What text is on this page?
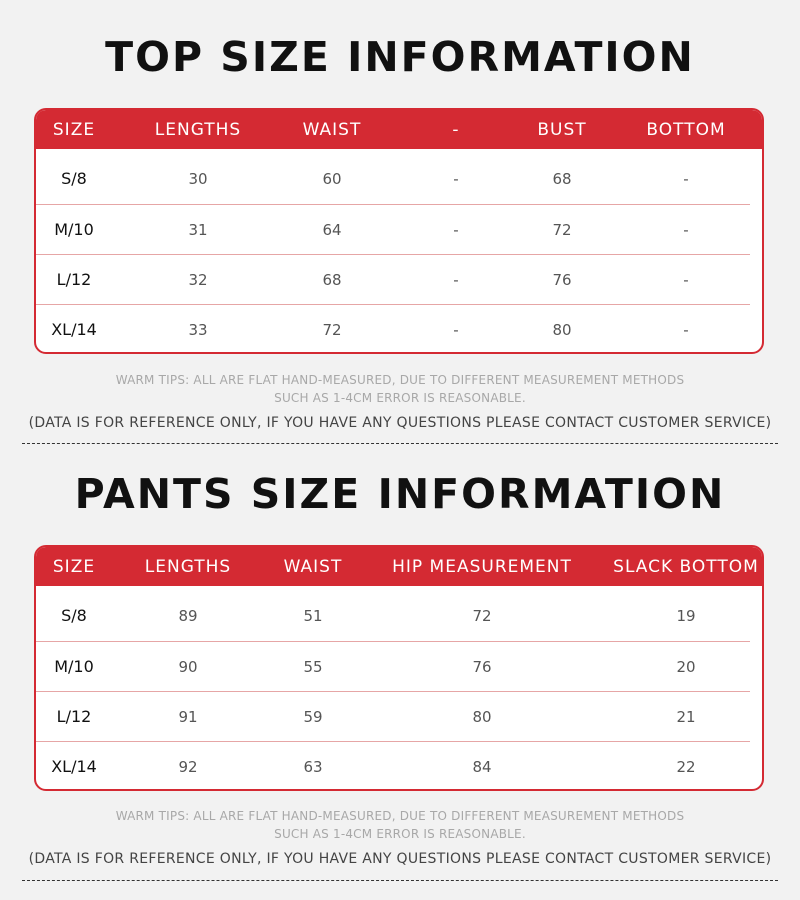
TOP SIZE INFORMATION
SIZE	LENGTHS	WAIST	-	BUST	BOTTOM
S/8	30	60	-	68	-
M/10	31	64	-	72	-
L/12	32	68	-	76	-
XL/14	33	72	-	80	-
WARM TIPS: ALL ARE FLAT HAND-MEASURED, DUE TO DIFFERENT MEASUREMENT METHODS
SUCH AS 1-4CM ERROR IS REASONABLE.
(DATA IS FOR REFERENCE ONLY, IF YOU HAVE ANY QUESTIONS PLEASE CONTACT CUSTOMER SERVICE)
PANTS SIZE INFORMATION
SIZE	LENGTHS	WAIST	HIP MEASUREMENT	SLACK BOTTOM
S/8	89	51	72	19
M/10	90	55	76	20
L/12	91	59	80	21
XL/14	92	63	84	22
WARM TIPS: ALL ARE FLAT HAND-MEASURED, DUE TO DIFFERENT MEASUREMENT METHODS
SUCH AS 1-4CM ERROR IS REASONABLE.
(DATA IS FOR REFERENCE ONLY, IF YOU HAVE ANY QUESTIONS PLEASE CONTACT CUSTOMER SERVICE)
